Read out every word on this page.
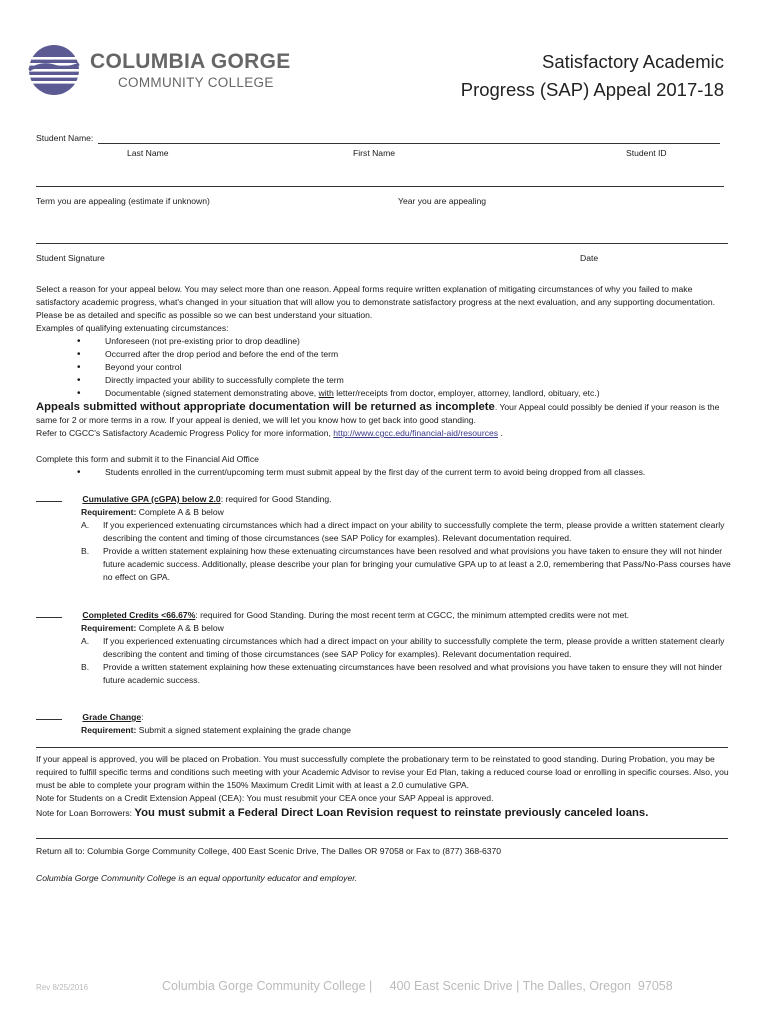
COLUMBIA GORGE
COMMUNITY COLLEGE
Satisfactory Academic
Progress (SAP) Appeal 2017-18
Student Name:
Last Name	First Name	Student ID
Term you are appealing (estimate if unknown)	Year you are appealing
Student Signature	Date
Select a reason for your appeal below. You may select more than one reason. Appeal forms require written explanation of mitigating circumstances of why you failed to make satisfactory academic progress, what's changed in your situation that will allow you to demonstrate satisfactory progress at the next evaluation, and any supporting documentation. Please be as detailed and specific as possible so we can best understand your situation.
Examples of qualifying extenuating circumstances:
• Unforeseen (not pre-existing prior to drop deadline)
• Occurred after the drop period and before the end of the term
• Beyond your control
• Directly impacted your ability to successfully complete the term
• Documentable (signed statement demonstrating above, with letter/receipts from doctor, employer, attorney, landlord, obituary, etc.)
Appeals submitted without appropriate documentation will be returned as incomplete. Your Appeal could possibly be denied if your reason is the same for 2 or more terms in a row. If your appeal is denied, we will let you know how to get back into good standing.
Refer to CGCC's Satisfactory Academic Progress Policy for more information, http://www.cgcc.edu/financial-aid/resources .
Complete this form and submit it to the Financial Aid Office
• Students enrolled in the current/upcoming term must submit appeal by the first day of the current term to avoid being dropped from all classes.
Cumulative GPA (cGPA) below 2.0: required for Good Standing.
Requirement: Complete A & B below
A. If you experienced extenuating circumstances which had a direct impact on your ability to successfully complete the term, please provide a written statement clearly describing the content and timing of those circumstances (see SAP Policy for examples). Relevant documentation required.
B. Provide a written statement explaining how these extenuating circumstances have been resolved and what provisions you have taken to ensure they will not hinder future academic success. Additionally, please describe your plan for bringing your cumulative GPA up to at least a 2.0, remembering that Pass/No-Pass courses have no effect on GPA.
Completed Credits <66.67%: required for Good Standing. During the most recent term at CGCC, the minimum attempted credits were not met.
Requirement: Complete A & B below
A. If you experienced extenuating circumstances which had a direct impact on your ability to successfully complete the term, please provide a written statement clearly describing the content and timing of those circumstances (see SAP Policy for examples). Relevant documentation required.
B. Provide a written statement explaining how these extenuating circumstances have been resolved and what provisions you have taken to ensure they will not hinder future academic success.
Grade Change:
Requirement: Submit a signed statement explaining the grade change
If your appeal is approved, you will be placed on Probation. You must successfully complete the probationary term to be reinstated to good standing. During Probation, you may be required to fulfill specific terms and conditions such meeting with your Academic Advisor to revise your Ed Plan, taking a reduced course load or enrolling in specific courses. Also, you must be able to complete your program within the 150% Maximum Credit Limit with at least a 2.0 cumulative GPA.
Note for Students on a Credit Extension Appeal (CEA): You must resubmit your CEA once your SAP Appeal is approved.
Note for Loan Borrowers: You must submit a Federal Direct Loan Revision request to reinstate previously canceled loans.
Return all to: Columbia Gorge Community College, 400 East Scenic Drive, The Dalles OR 97058 or Fax to (877) 368-6370
Columbia Gorge Community College is an equal opportunity educator and employer.
Rev 8/25/2016	Columbia Gorge Community College |     400 East Scenic Drive | The Dalles, Oregon  97058
